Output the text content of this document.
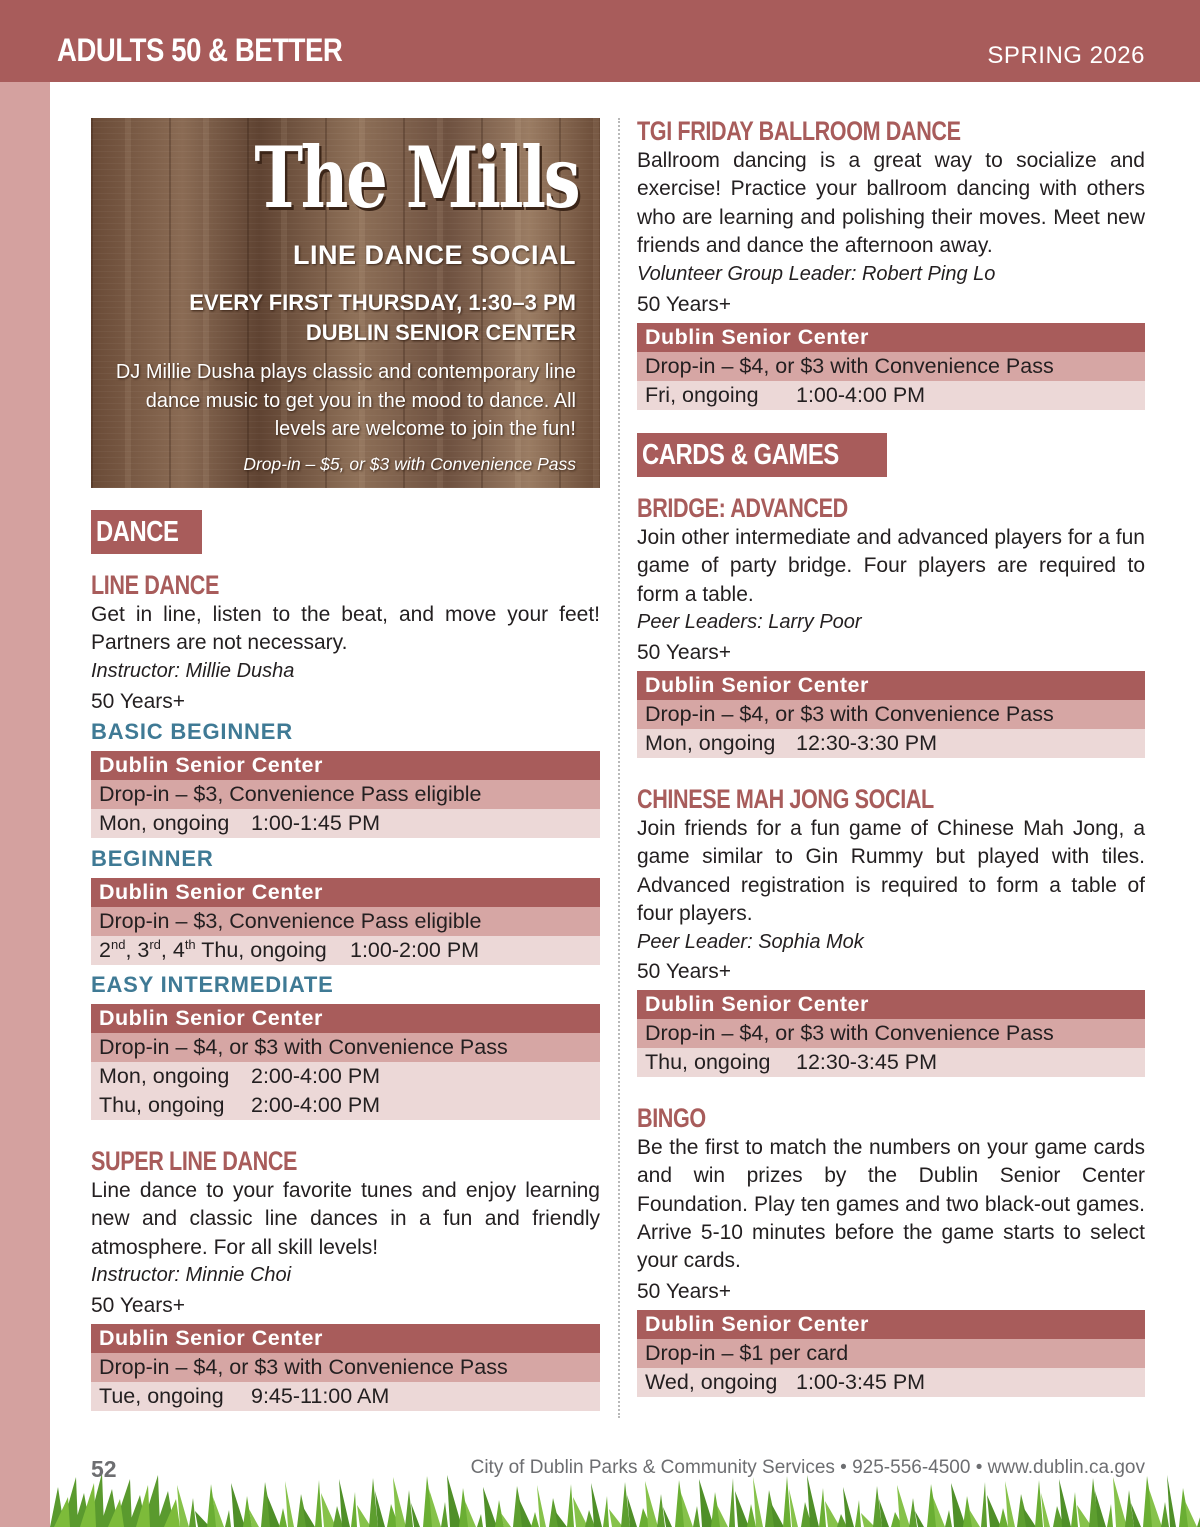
ADULTS 50 & BETTER	SPRING 2026
The Mills
LINE DANCE SOCIAL
EVERY FIRST THURSDAY, 1:30–3 PM
DUBLIN SENIOR CENTER
DJ Millie Dusha plays classic and contemporary line dance music to get you in the mood to dance. All levels are welcome to join the fun!
Drop-in – $5, or $3 with Convenience Pass
DANCE
LINE DANCE
Get in line, listen to the beat, and move your feet! Partners are not necessary.
Instructor: Millie Dusha
50 Years+
BASIC BEGINNER
Dublin Senior Center
Drop-in – $3, Convenience Pass eligible
Mon, ongoing 1:00-1:45 PM
BEGINNER
Dublin Senior Center
Drop-in – $3, Convenience Pass eligible
2nd, 3rd, 4th Thu, ongoing 1:00-2:00 PM
EASY INTERMEDIATE
Dublin Senior Center
Drop-in – $4, or $3 with Convenience Pass
Mon, ongoing 2:00-4:00 PM
Thu, ongoing 2:00-4:00 PM
SUPER LINE DANCE
Line dance to your favorite tunes and enjoy learning new and classic line dances in a fun and friendly atmosphere. For all skill levels!
Instructor: Minnie Choi
50 Years+
Dublin Senior Center
Drop-in – $4, or $3 with Convenience Pass
Tue, ongoing 9:45-11:00 AM
TGI FRIDAY BALLROOM DANCE
Ballroom dancing is a great way to socialize and exercise! Practice your ballroom dancing with others who are learning and polishing their moves. Meet new friends and dance the afternoon away.
Volunteer Group Leader: Robert Ping Lo
50 Years+
Dublin Senior Center
Drop-in – $4, or $3 with Convenience Pass
Fri, ongoing 1:00-4:00 PM
CARDS & GAMES
BRIDGE: ADVANCED
Join other intermediate and advanced players for a fun game of party bridge. Four players are required to form a table.
Peer Leaders: Larry Poor
50 Years+
Dublin Senior Center
Drop-in – $4, or $3 with Convenience Pass
Mon, ongoing 12:30-3:30 PM
CHINESE MAH JONG SOCIAL
Join friends for a fun game of Chinese Mah Jong, a game similar to Gin Rummy but played with tiles. Advanced registration is required to form a table of four players.
Peer Leader: Sophia Mok
50 Years+
Dublin Senior Center
Drop-in – $4, or $3 with Convenience Pass
Thu, ongoing 12:30-3:45 PM
BINGO
Be the first to match the numbers on your game cards and win prizes by the Dublin Senior Center Foundation. Play ten games and two black-out games. Arrive 5-10 minutes before the game starts to select your cards.
50 Years+
Dublin Senior Center
Drop-in – $1 per card
Wed, ongoing 1:00-3:45 PM
52	City of Dublin Parks & Community Services • 925-556-4500 • www.dublin.ca.gov
